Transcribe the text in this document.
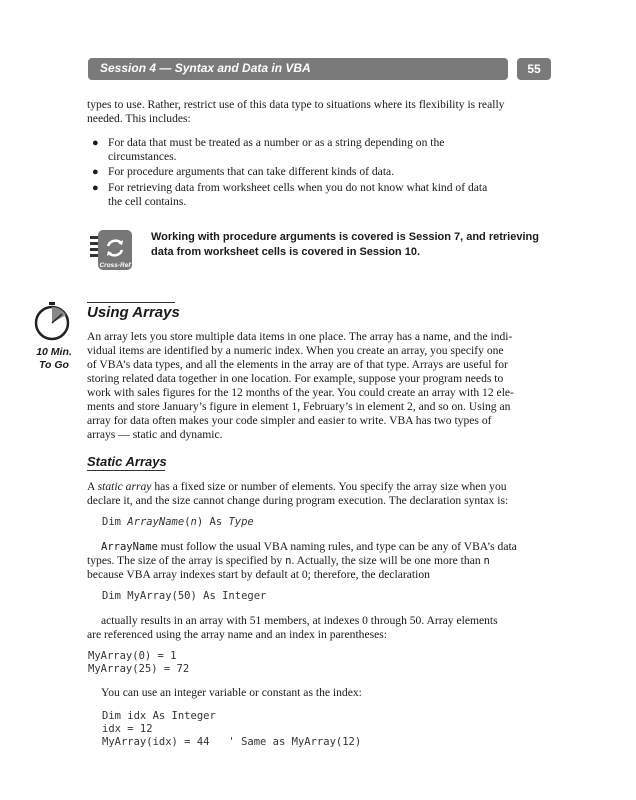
Session 4 — Syntax and Data in VBA	55
types to use. Rather, restrict use of this data type to situations where its flexibility is really
needed. This includes:
● For data that must be treated as a number or as a string depending on the
circumstances.
● For procedure arguments that can take different kinds of data.
● For retrieving data from worksheet cells when you do not know what kind of data
the cell contains.
Cross-Ref
Working with procedure arguments is covered is Session 7, and retrieving
data from worksheet cells is covered in Session 10.
10 Min.
To Go
Using Arrays
An array lets you store multiple data items in one place. The array has a name, and the indi-
vidual items are identified by a numeric index. When you create an array, you specify one
of VBA’s data types, and all the elements in the array are of that type. Arrays are useful for
storing related data together in one location. For example, suppose your program needs to
work with sales figures for the 12 months of the year. You could create an array with 12 ele-
ments and store January’s figure in element 1, February’s in element 2, and so on. Using an
array for data often makes your code simpler and easier to write. VBA has two types of
arrays — static and dynamic.
Static Arrays
A static array has a fixed size or number of elements. You specify the array size when you
declare it, and the size cannot change during program execution. The declaration syntax is:
Dim ArrayName(n) As Type
ArrayName must follow the usual VBA naming rules, and type can be any of VBA’s data
types. The size of the array is specified by n. Actually, the size will be one more than n
because VBA array indexes start by default at 0; therefore, the declaration
Dim MyArray(50) As Integer
actually results in an array with 51 members, at indexes 0 through 50. Array elements
are referenced using the array name and an index in parentheses:
MyArray(0) = 1
MyArray(25) = 72
You can use an integer variable or constant as the index:
Dim idx As Integer
idx = 12
MyArray(idx) = 44   ' Same as MyArray(12)
